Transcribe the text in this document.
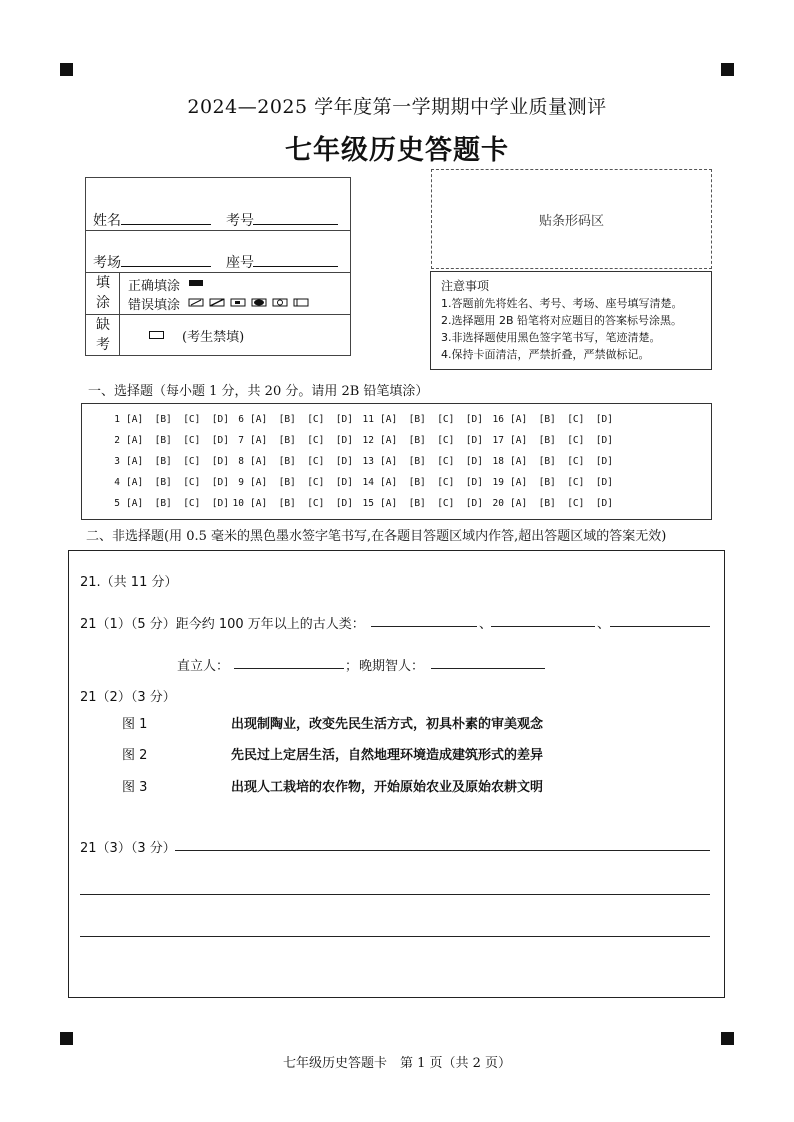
2024—2025 学年度第一学期期中学业质量测评
七年级历史答题卡
姓名	考号
考场	座号
填
涂
正确填涂
错误填涂
缺
考	(考生禁填)
贴条形码区
注意事项
1.答题前先将姓名、考号、考场、座号填写清楚。
2.选择题用 2B 铅笔将对应题目的答案标号涂黑。
3.非选择题使用黑色签字笔书写，笔迹清楚。
4.保持卡面清洁，严禁折叠，严禁做标记。
一、选择题（每小题 1 分，共 20 分。请用 2B 铅笔填涂）
1 [A]  [B]  [C]  [D] 6 [A]  [B]  [C]  [D]	11 [A]  [B]  [C]  [D]	16 [A]  [B]  [C]  [D]
2 [A]  [B]  [C]  [D] 7 [A]  [B]  [C]  [D]	12 [A]  [B]  [C]  [D]	17 [A]  [B]  [C]  [D]
3 [A]  [B]  [C]  [D] 8 [A]  [B]  [C]  [D]	13 [A]  [B]  [C]  [D]	18 [A]  [B]  [C]  [D]
4 [A]  [B]  [C]  [D] 9 [A]  [B]  [C]  [D]	14 [A]  [B]  [C]  [D]	19 [A]  [B]  [C]  [D]
5 [A]  [B]  [C]  [D] 10 [A]  [B]  [C]  [D]	15 [A]  [B]  [C]  [D]	20 [A]  [B]  [C]  [D]
二、非选择题(用 0.5 毫米的黑色墨水签字笔书写,在各题目答题区域内作答,超出答题区域的答案无效)
21.（共 11 分）
21（1）（5 分）距今约 100 万年以上的古人类：	、	、
直立人：	； 晚期智人：
21（2）（3 分）
图 1	出现制陶业，改变先民生活方式，初具朴素的审美观念
图 2	先民过上定居生活，自然地理环境造成建筑形式的差异
图 3	出现人工栽培的农作物，开始原始农业及原始农耕文明
21（3）（3 分）
七年级历史答题卡　第 1 页（共 2 页）
